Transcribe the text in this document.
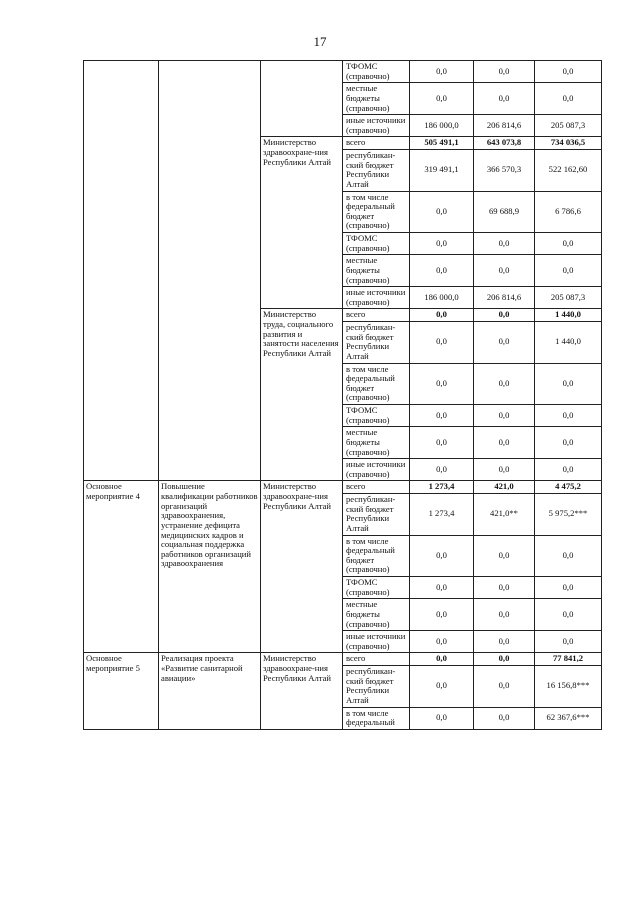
17
			ТФОМС (справочно)	0,0	0,0	0,0
			местные бюджеты (справочно)	0,0	0,0	0,0
			иные источники (справочно)	186 000,0	206 814,6	205 087,3
		Министерство здравоохране-ния Республики Алтай	всего	505 491,1	643 073,8	734 036,5
			республикан-ский бюджет Республики Алтай	319 491,1	366 570,3	522 162,60
			в том числе федеральный бюджет (справочно)	0,0	69 688,9	6 786,6
			ТФОМС (справочно)	0,0	0,0	0,0
			местные бюджеты (справочно)	0,0	0,0	0,0
			иные источники (справочно)	186 000,0	206 814,6	205 087,3
		Министерство труда, социального развития и занятости населения Республики Алтай	всего	0,0	0,0	1 440,0
			республикан-ский бюджет Республики Алтай	0,0	0,0	1 440,0
			в том числе федеральный бюджет (справочно)	0,0	0,0	0,0
			ТФОМС (справочно)	0,0	0,0	0,0
			местные бюджеты (справочно)	0,0	0,0	0,0
			иные источники (справочно)	0,0	0,0	0,0
Основное мероприятие 4	Повышение квалификации работников организаций здравоохранения, устранение дефицита медицинских кадров и социальная поддержка работников организаций здравоохранения	Министерство здравоохране-ния Республики Алтай	всего	1 273,4	421,0	4 475,2
			республикан-ский бюджет Республики Алтай	1 273,4	421,0**	5 975,2***
			в том числе федеральный бюджет (справочно)	0,0	0,0	0,0
			ТФОМС (справочно)	0,0	0,0	0,0
			местные бюджеты (справочно)	0,0	0,0	0,0
			иные источники (справочно)	0,0	0,0	0,0
Основное мероприятие 5	Реализация проекта «Развитие санитарной авиации»	Министерство здравоохране-ния Республики Алтай	всего	0,0	0,0	77 841,2
			республикан-ский бюджет Республики Алтай	0,0	0,0	16 156,8***
			в том числе федеральный	0,0	0,0	62 367,6***
